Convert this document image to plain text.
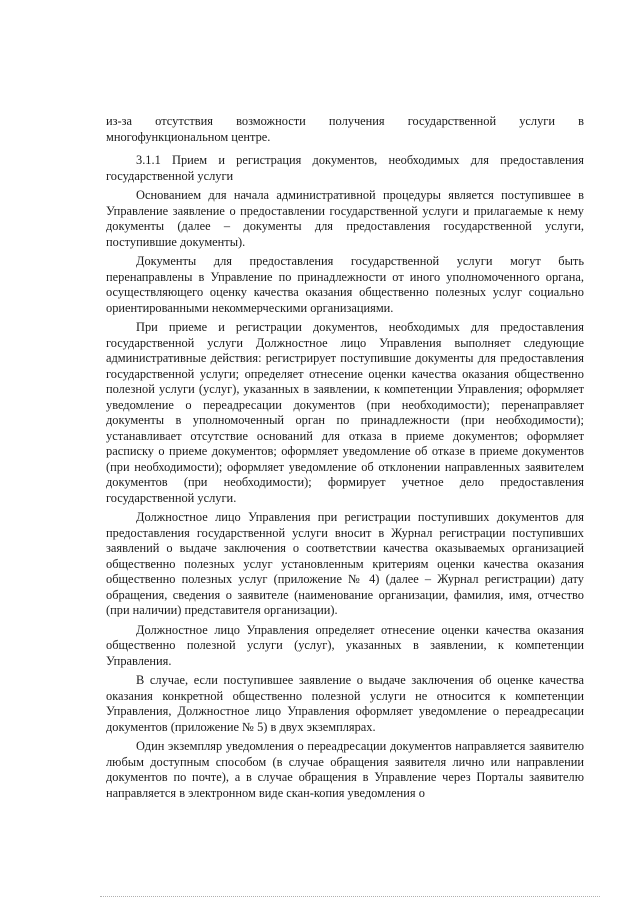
из-за отсутствия возможности получения государственной услуги в многофункциональном центре.

3.1.1 Прием и регистрация документов, необходимых для предоставления государственной услуги

Основанием для начала административной процедуры является поступившее в Управление заявление о предоставлении государственной услуги и прилагаемые к нему документы (далее – документы для предоставления государственной услуги, поступившие документы).

Документы для предоставления государственной услуги могут быть перенаправлены в Управление по принадлежности от иного уполномоченного органа, осуществляющего оценку качества оказания общественно полезных услуг социально ориентированными некоммерческими организациями.

При приеме и регистрации документов, необходимых для предоставления государственной услуги Должностное лицо Управления выполняет следующие административные действия: регистрирует поступившие документы для предоставления государственной услуги; определяет отнесение оценки качества оказания общественно полезной услуги (услуг), указанных в заявлении, к компетенции Управления; оформляет уведомление о переадресации документов (при необходимости); перенаправляет документы в уполномоченный орган по принадлежности (при необходимости); устанавливает отсутствие оснований для отказа в приеме документов; оформляет расписку о приеме документов; оформляет уведомление об отказе в приеме документов (при необходимости); оформляет уведомление об отклонении направленных заявителем документов (при необходимости); формирует учетное дело предоставления государственной услуги.

Должностное лицо Управления при регистрации поступивших документов для предоставления государственной услуги вносит в Журнал регистрации поступивших заявлений о выдаче заключения о соответствии качества оказываемых организацией общественно полезных услуг установленным критериям оценки качества оказания общественно полезных услуг (приложение № 4) (далее – Журнал регистрации) дату обращения, сведения о заявителе (наименование организации, фамилия, имя, отчество (при наличии) представителя организации).

Должностное лицо Управления определяет отнесение оценки качества оказания общественно полезной услуги (услуг), указанных в заявлении, к компетенции Управления.

В случае, если поступившее заявление о выдаче заключения об оценке качества оказания конкретной общественно полезной услуги не относится к компетенции Управления, Должностное лицо Управления оформляет уведомление о переадресации документов (приложение № 5) в двух экземплярах.

Один экземпляр уведомления о переадресации документов направляется заявителю любым доступным способом (в случае обращения заявителя лично или направлении документов по почте), а в случае обращения в Управление через Порталы заявителю направляется в электронном виде скан-копия уведомления о
